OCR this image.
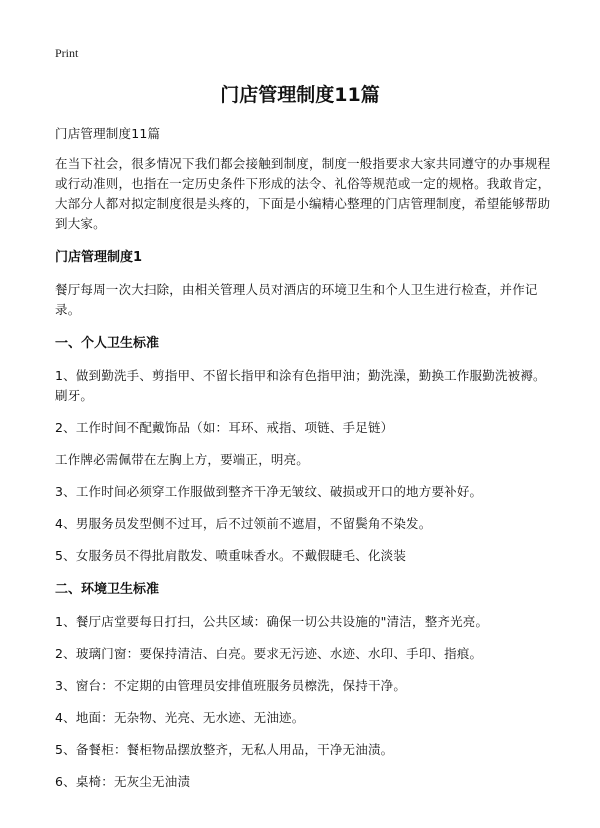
Print
门店管理制度11篇

门店管理制度11篇

在当下社会，很多情况下我们都会接触到制度，制度一般指要求大家共同遵守的办事规程或行动准则，也指在一定历史条件下形成的法令、礼俗等规范或一定的规格。我敢肯定，大部分人都对拟定制度很是头疼的，下面是小编精心整理的门店管理制度，希望能够帮助到大家。

门店管理制度1

餐厅每周一次大扫除，由相关管理人员对酒店的环境卫生和个人卫生进行检查，并作记录。

一、个人卫生标准

1、做到勤洗手、剪指甲、不留长指甲和涂有色指甲油；勤洗澡，勤换工作服勤洗被褥。刷牙。

2、工作时间不配戴饰品（如：耳环、戒指、项链、手足链）

工作牌必需佩带在左胸上方，要端正，明亮。

3、工作时间必须穿工作服做到整齐干净无皱纹、破损或开口的地方要补好。

4、男服务员发型侧不过耳，后不过领前不遮眉，不留鬓角不染发。

5、女服务员不得批肩散发、喷重味香水。不戴假睫毛、化淡装

二、环境卫生标准

1、餐厅店堂要每日打扫，公共区域：确保一切公共设施的"清洁，整齐光亮。

2、玻璃门窗：要保持清洁、白亮。要求无污迹、水迹、水印、手印、指痕。

3、窗台：不定期的由管理员安排值班服务员檫洗，保持干净。

4、地面：无杂物、光亮、无水迹、无油迹。

5、备餐柜：餐柜物品摆放整齐，无私人用品，干净无油渍。

6、桌椅：无灰尘无油渍
